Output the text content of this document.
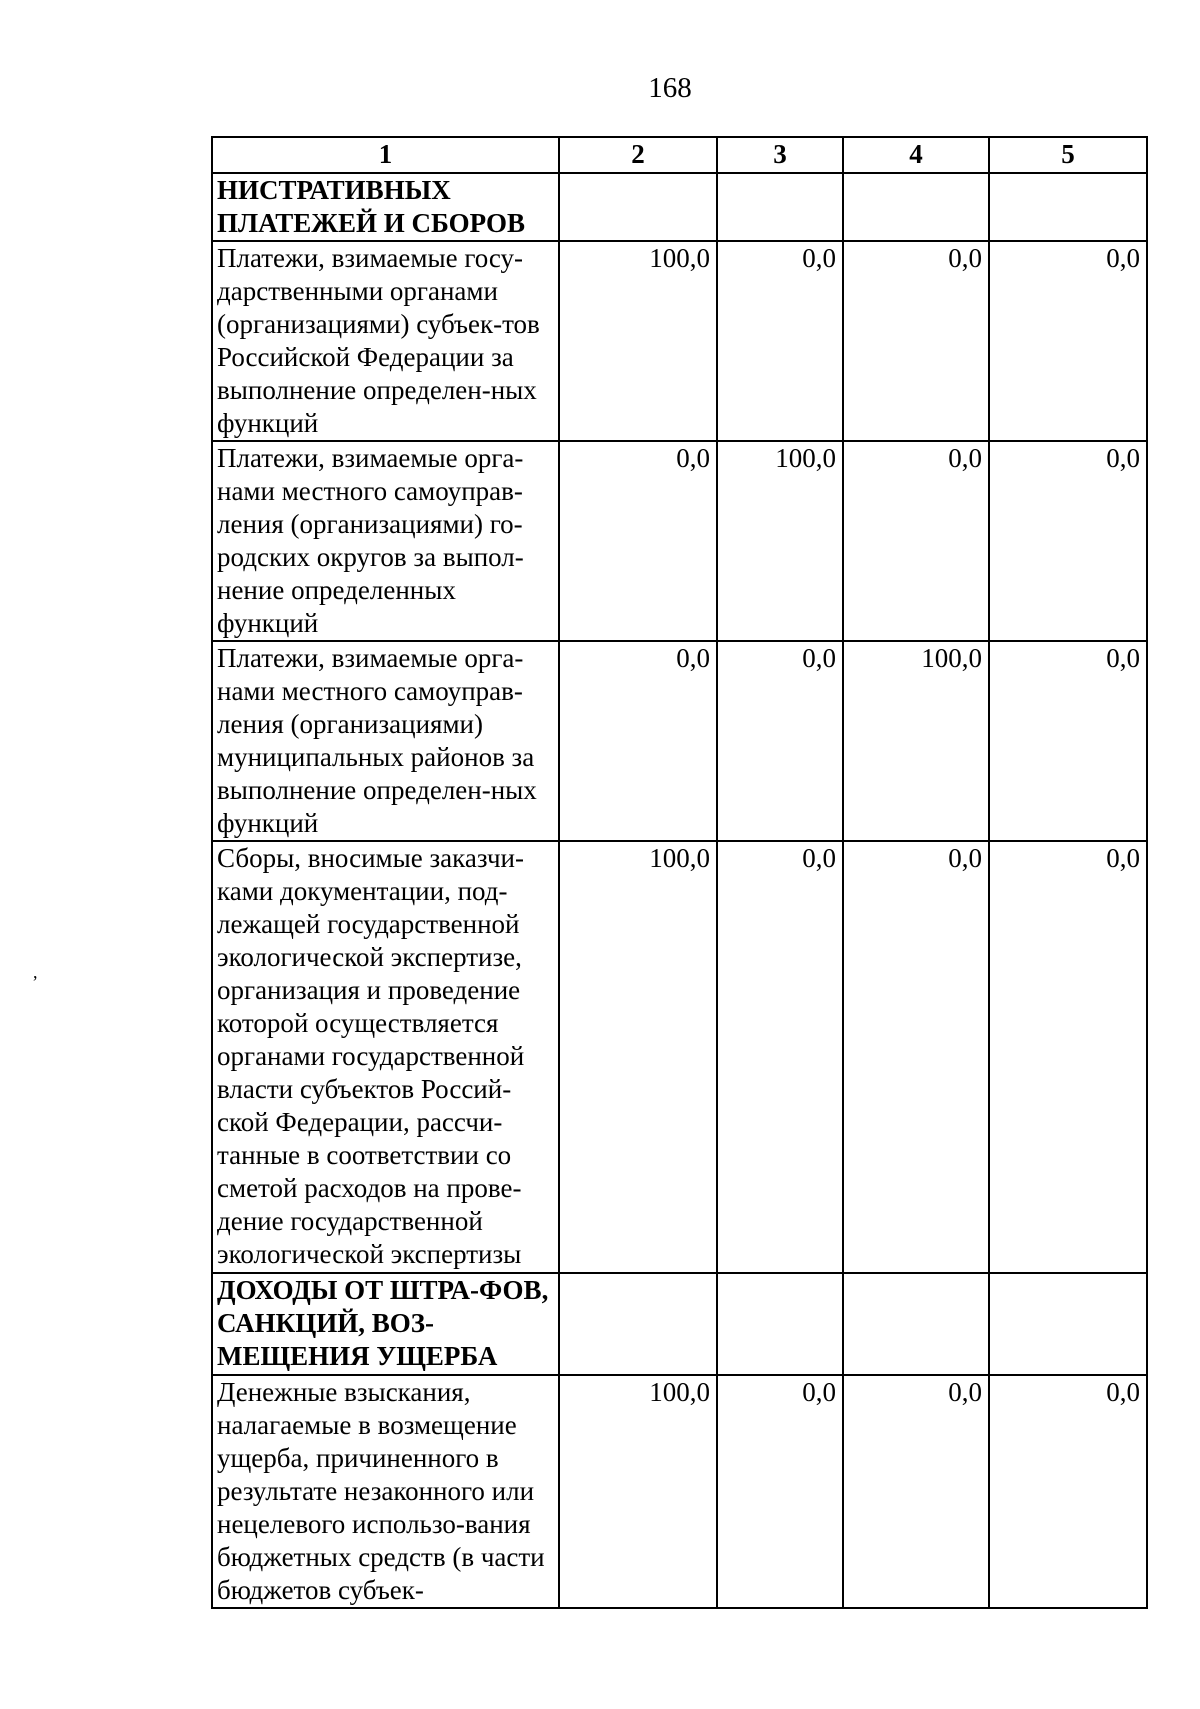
168
,
1	2	3	4	5
НИСТРАТИВНЫХ ПЛАТЕЖЕЙ И СБОРОВ				
Платежи, взимаемые госу-дарственными органами (организациями) субъек-тов Российской Федерации за выполнение определен-ных функций	100,0	0,0	0,0	0,0
Платежи, взимаемые орга-нами местного самоуправ-ления (организациями) го-родских округов за выпол-нение определенных функций	0,0	100,0	0,0	0,0
Платежи, взимаемые орга-нами местного самоуправ-ления (организациями) муниципальных районов за выполнение определен-ных функций	0,0	0,0	100,0	0,0
Сборы, вносимые заказчи-ками документации, под-лежащей государственной экологической экспертизе, организация и проведение которой осуществляется органами государственной власти субъектов Россий-ской Федерации, рассчи-танные в соответствии со сметой расходов на прове-дение государственной экологической экспертизы	100,0	0,0	0,0	0,0
ДОХОДЫ ОТ ШТРА-ФОВ, САНКЦИЙ, ВОЗ-МЕЩЕНИЯ УЩЕРБА				
Денежные взыскания, налагаемые в возмещение ущерба, причиненного в результате незаконного или нецелевого использо-вания бюджетных средств (в части бюджетов субъек-	100,0	0,0	0,0	0,0
